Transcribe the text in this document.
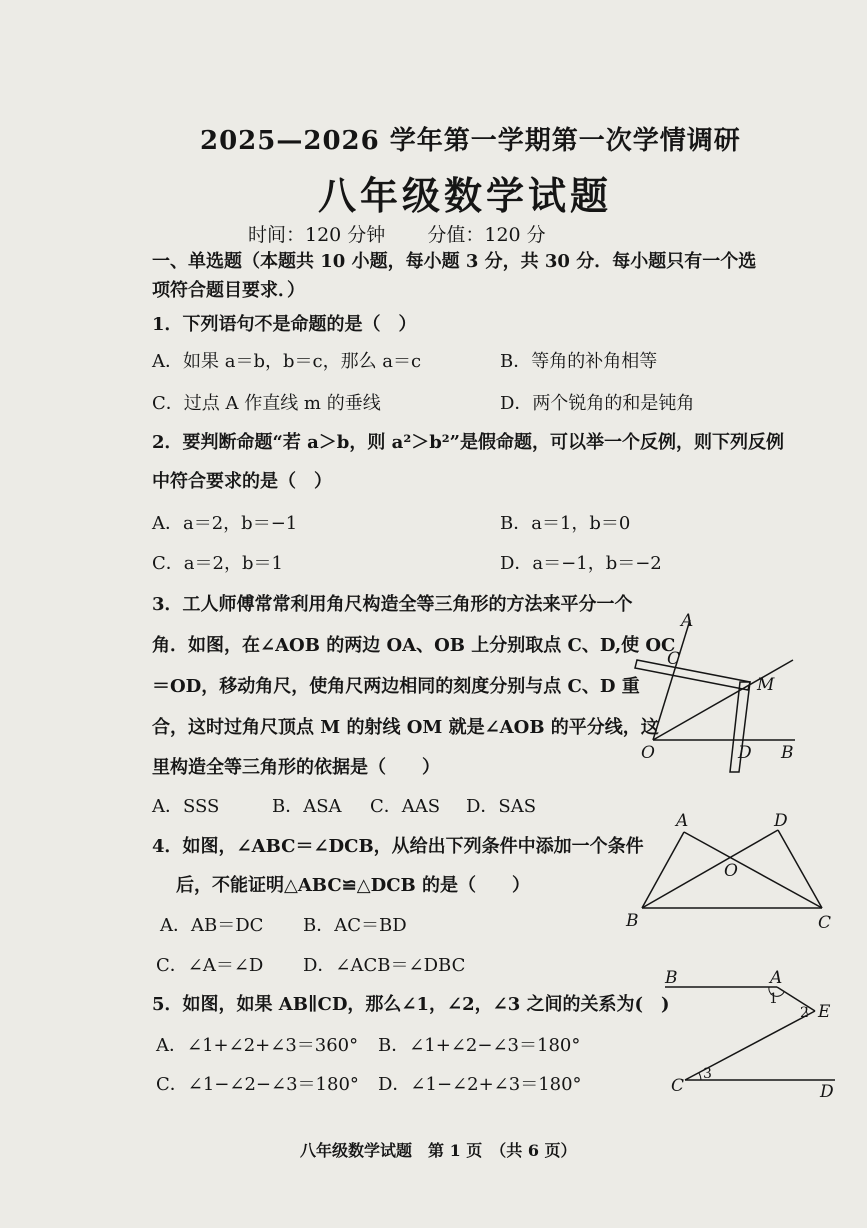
2025—2026 学年第一学期第一次学情调研
八年级数学试题
时间：120 分钟 分值：120 分
一、单选题（本题共 10 小题，每小题 3 分，共 30 分．每小题只有一个选项符合题目要求．）
1．下列语句不是命题的是（　）
A．如果 a＝b，b＝c，那么 a＝c	B．等角的补角相等
C．过点 A 作直线 m 的垂线	D．两个锐角的和是钝角
2．要判断命题“若 a＞b，则 a²＞b²”是假命题，可以举一个反例，则下列反例
中符合要求的是（　）
A．a＝2，b＝−1	B．a＝1，b＝0
C．a＝2，b＝1	D．a＝−1，b＝−2
3．工人师傅常常利用角尺构造全等三角形的方法来平分一个
角．如图，在∠AOB 的两边 OA、OB 上分别取点 C、D,使 OC
＝OD，移动角尺，使角尺两边相同的刻度分别与点 C、D 重
合，这时过角尺顶点 M 的射线 OM 就是∠AOB 的平分线，这
里构造全等三角形的依据是（　　）
A．SSS	B．ASA C．AAS D．SAS
A
C
M
O	D B
4．如图，∠ABC＝∠DCB，从给出下列条件中添加一个条件
后，不能证明△ABC≌△DCB 的是（　　）
A．AB＝DC B．AC＝BD
C．∠A＝∠D D．∠ACB＝∠DBC
A	D
O
B	C
5．如图，如果 AB∥CD，那么∠1，∠2，∠3 之间的关系为(　)
A．∠1+∠2+∠3＝360° B．∠1+∠2−∠3＝180°
C．∠1−∠2−∠3＝180° D．∠1−∠2+∠3＝180°
B	A
1
2 E
C
3
D
八年级数学试题　第 1 页　（共 6 页）
